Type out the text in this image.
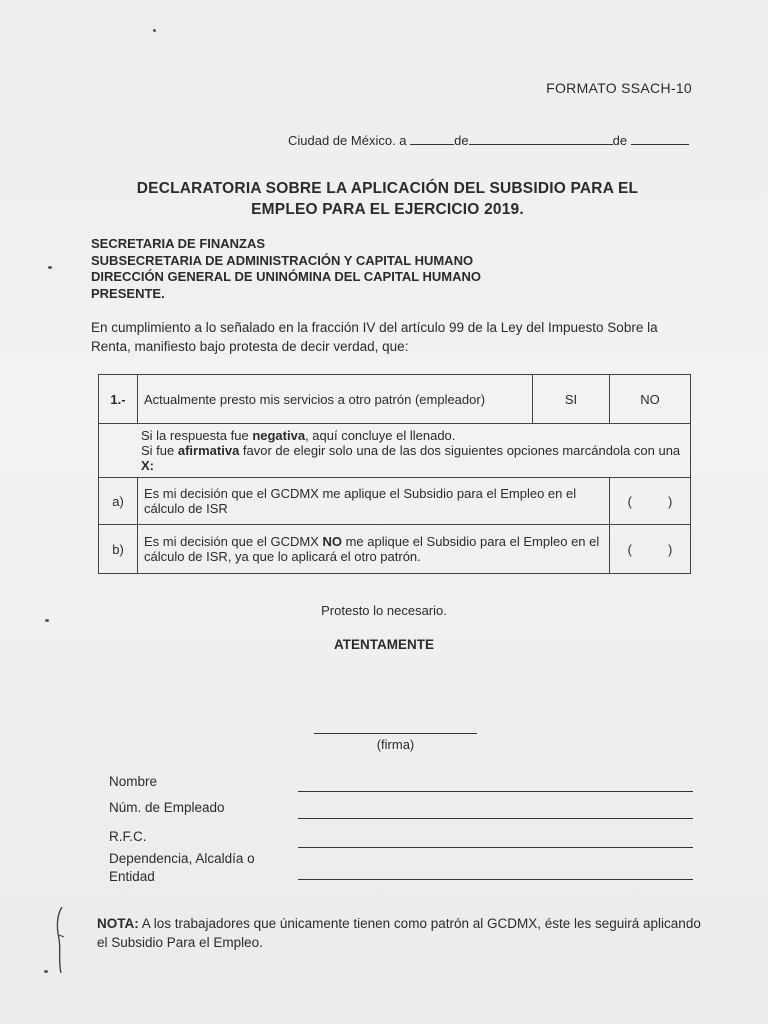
FORMATO SSACH-10
Ciudad de México. a	de	de
DECLARATORIA SOBRE LA APLICACIÓN DEL SUBSIDIO PARA EL
EMPLEO PARA EL EJERCICIO 2019.
SECRETARIA DE FINANZAS
SUBSECRETARIA DE ADMINISTRACIÓN Y CAPITAL HUMANO
DIRECCIÓN GENERAL DE UNINÓMINA DEL CAPITAL HUMANO
PRESENTE.
En cumplimiento a lo señalado en la fracción IV del artículo 99 de la Ley del Impuesto Sobre la Renta, manifiesto bajo protesta de decir verdad, que:
1.-	Actualmente presto mis servicios a otro patrón (empleador)	SI	NO

Si la respuesta fue negativa, aquí concluye el llenado.
Si fue afirmativa favor de elegir solo una de las dos siguientes opciones marcándola con una X:			

a)	Es mi decisión que el GCDMX me aplique el Subsidio para el Empleo en el cálculo de ISR		(          )
b)	Es mi decisión que el GCDMX NO me aplique el Subsidio para el Empleo en el cálculo de ISR, ya que lo aplicará el otro patrón.		(          )
Protesto lo necesario.
ATENTAMENTE
(firma)
Nombre
Núm. de Empleado
R.F.C.
Dependencia, Alcaldía o Entidad
NOTA: A los trabajadores que únicamente tienen como patrón al GCDMX, éste les seguirá aplicando el Subsidio Para el Empleo.
